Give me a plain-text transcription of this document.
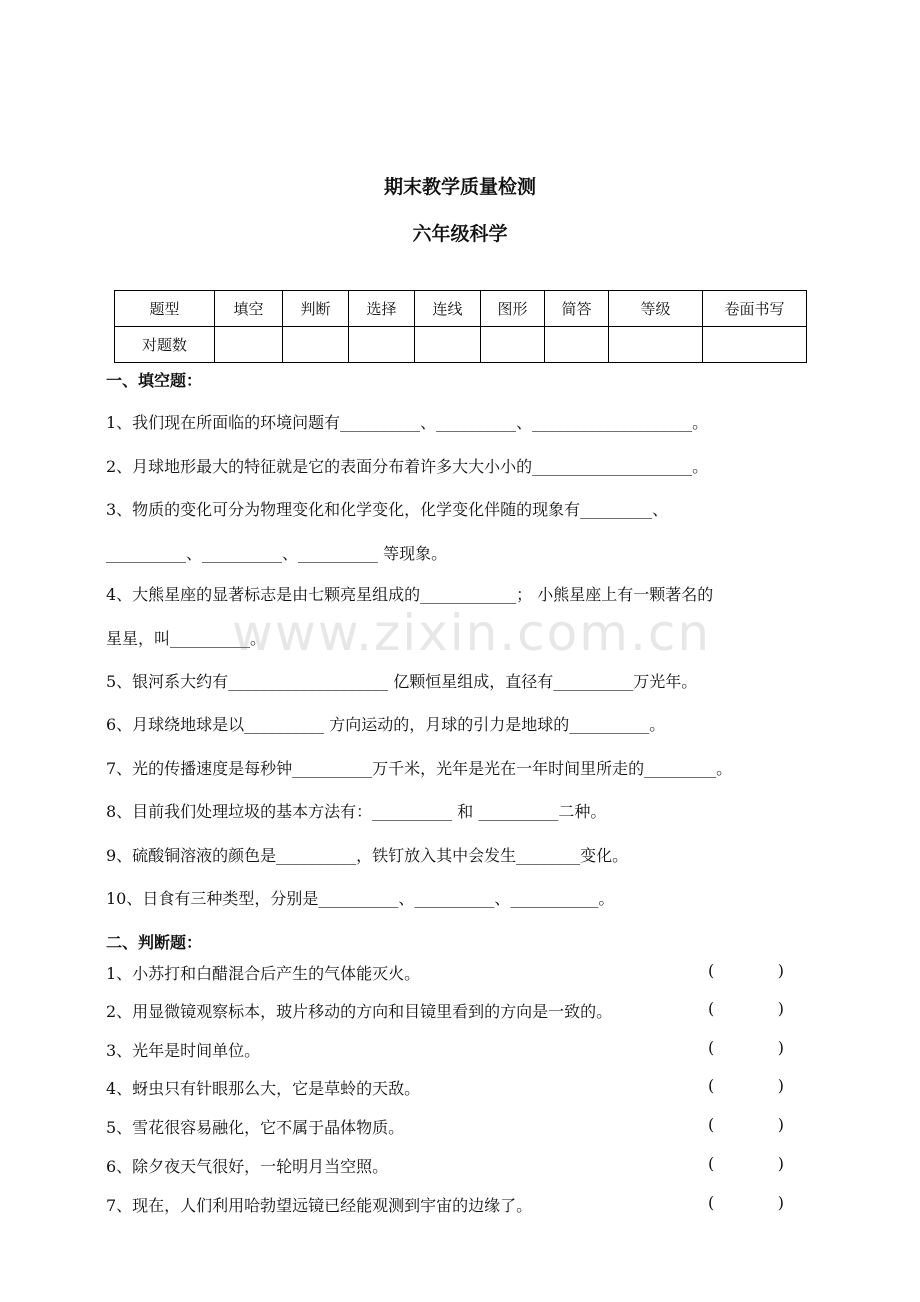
期末教学质量检测
六年级科学
题型	填空	判断	选择	连线	图形	简答	等级	卷面书写
对题数								
一、填空题：
1、我们现在所面临的环境问题有__________、__________、____________________。
2、月球地形最大的特征就是它的表面分布着许多大大小小的____________________。
3、物质的变化可分为物理变化和化学变化，化学变化伴随的现象有_________、
__________、__________、__________ 等现象。
4、大熊星座的显著标志是由七颗亮星组成的____________； 小熊星座上有一颗著名的
星星，叫__________。
5、银河系大约有____________________ 亿颗恒星组成，直径有__________万光年。
6、月球绕地球是以__________ 方向运动的，月球的引力是地球的__________。
7、光的传播速度是每秒钟__________万千米，光年是光在一年时间里所走的_________。
8、目前我们处理垃圾的基本方法有：__________ 和 __________二种。
9、硫酸铜溶液的颜色是__________，铁钉放入其中会发生________变化。
10、日食有三种类型，分别是__________、__________、___________。
二、判断题：
1、小苏打和白醋混合后产生的气体能灭火。	(	)
2、用显微镜观察标本，玻片移动的方向和目镜里看到的方向是一致的。	(	)
3、光年是时间单位。	(	)
4、蚜虫只有针眼那么大，它是草蛉的天敌。	(	)
5、雪花很容易融化，它不属于晶体物质。	(	)
6、除夕夜天气很好，一轮明月当空照。	(	)
7、现在，人们利用哈勃望远镜已经能观测到宇宙的边缘了。	(	)
www.zixin.com.cn
